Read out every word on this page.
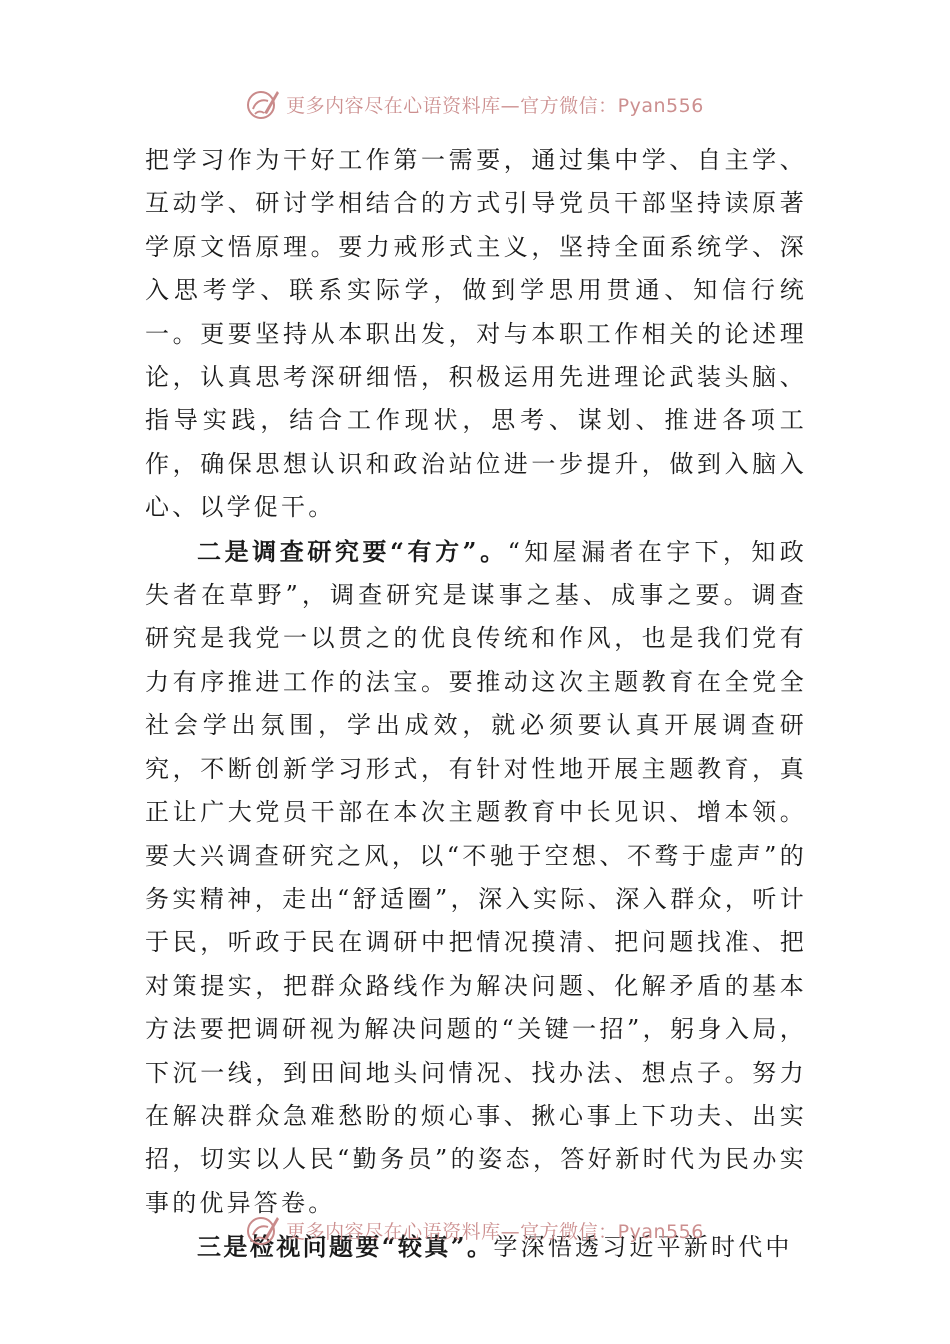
更多内容尽在心语资料库—官方微信：Pyan556

把学习作为干好工作第一需要，通过集中学、自主学、互动学、研讨学相结合的方式引导党员干部坚持读原著学原文悟原理。要力戒形式主义，坚持全面系统学、深入思考学、联系实际学，做到学思用贯通、知信行统一。更要坚持从本职出发，对与本职工作相关的论述理论，认真思考深研细悟，积极运用先进理论武装头脑、指导实践，结合工作现状，思考、谋划、推进各项工作，确保思想认识和政治站位进一步提升，做到入脑入心、以学促干。

二是调查研究要“有方”。“知屋漏者在宇下，知政失者在草野”，调查研究是谋事之基、成事之要。调查研究是我党一以贯之的优良传统和作风，也是我们党有力有序推进工作的法宝。要推动这次主题教育在全党全社会学出氛围，学出成效，就必须要认真开展调查研究，不断创新学习形式，有针对性地开展主题教育，真正让广大党员干部在本次主题教育中长见识、增本领。要大兴调查研究之风，以“不驰于空想、不骛于虚声”的务实精神，走出“舒适圈”，深入实际、深入群众，听计于民，听政于民在调研中把情况摸清、把问题找准、把对策提实，把群众路线作为解决问题、化解矛盾的基本方法要把调研视为解决问题的“关键一招”，躬身入局，下沉一线，到田间地头问情况、找办法、想点子。努力在解决群众急难愁盼的烦心事、揪心事上下功夫、出实招，切实以人民“勤务员”的姿态，答好新时代为民办实事的优异答卷。

三是检视问题要“较真”。学深悟透习近平新时代中

更多内容尽在心语资料库—官方微信：Pyan556
